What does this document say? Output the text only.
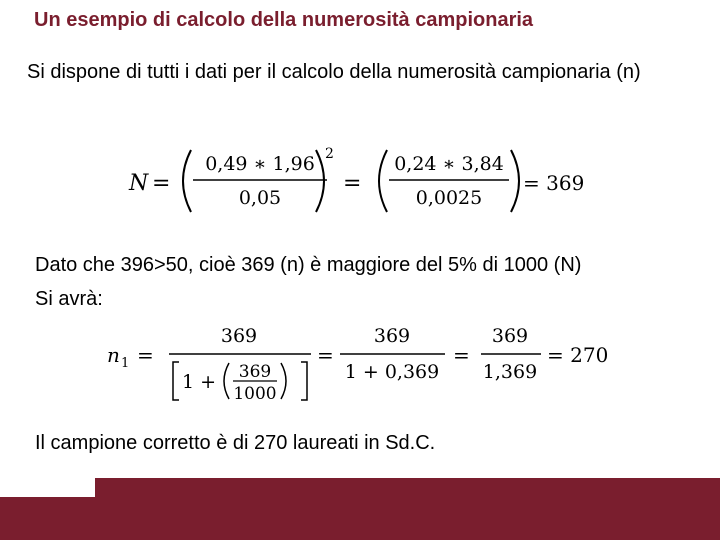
Un esempio di calcolo della numerosità campionaria
Si dispone di tutti i dati per il calcolo della numerosità campionaria (n)
N =
0,49 ∗ 1,96
0,05
2
=
0,24 ∗ 3,84
0,0025
= 369
Dato che 396>50, cioè 369 (n) è maggiore del 5% di 1000 (N)
Si avrà:
n 1 =
369
1 + 369
1000
=
369
1 + 0,369
=
369
1,369
= 270
Il campione corretto è di 270 laureati in Sd.C.
